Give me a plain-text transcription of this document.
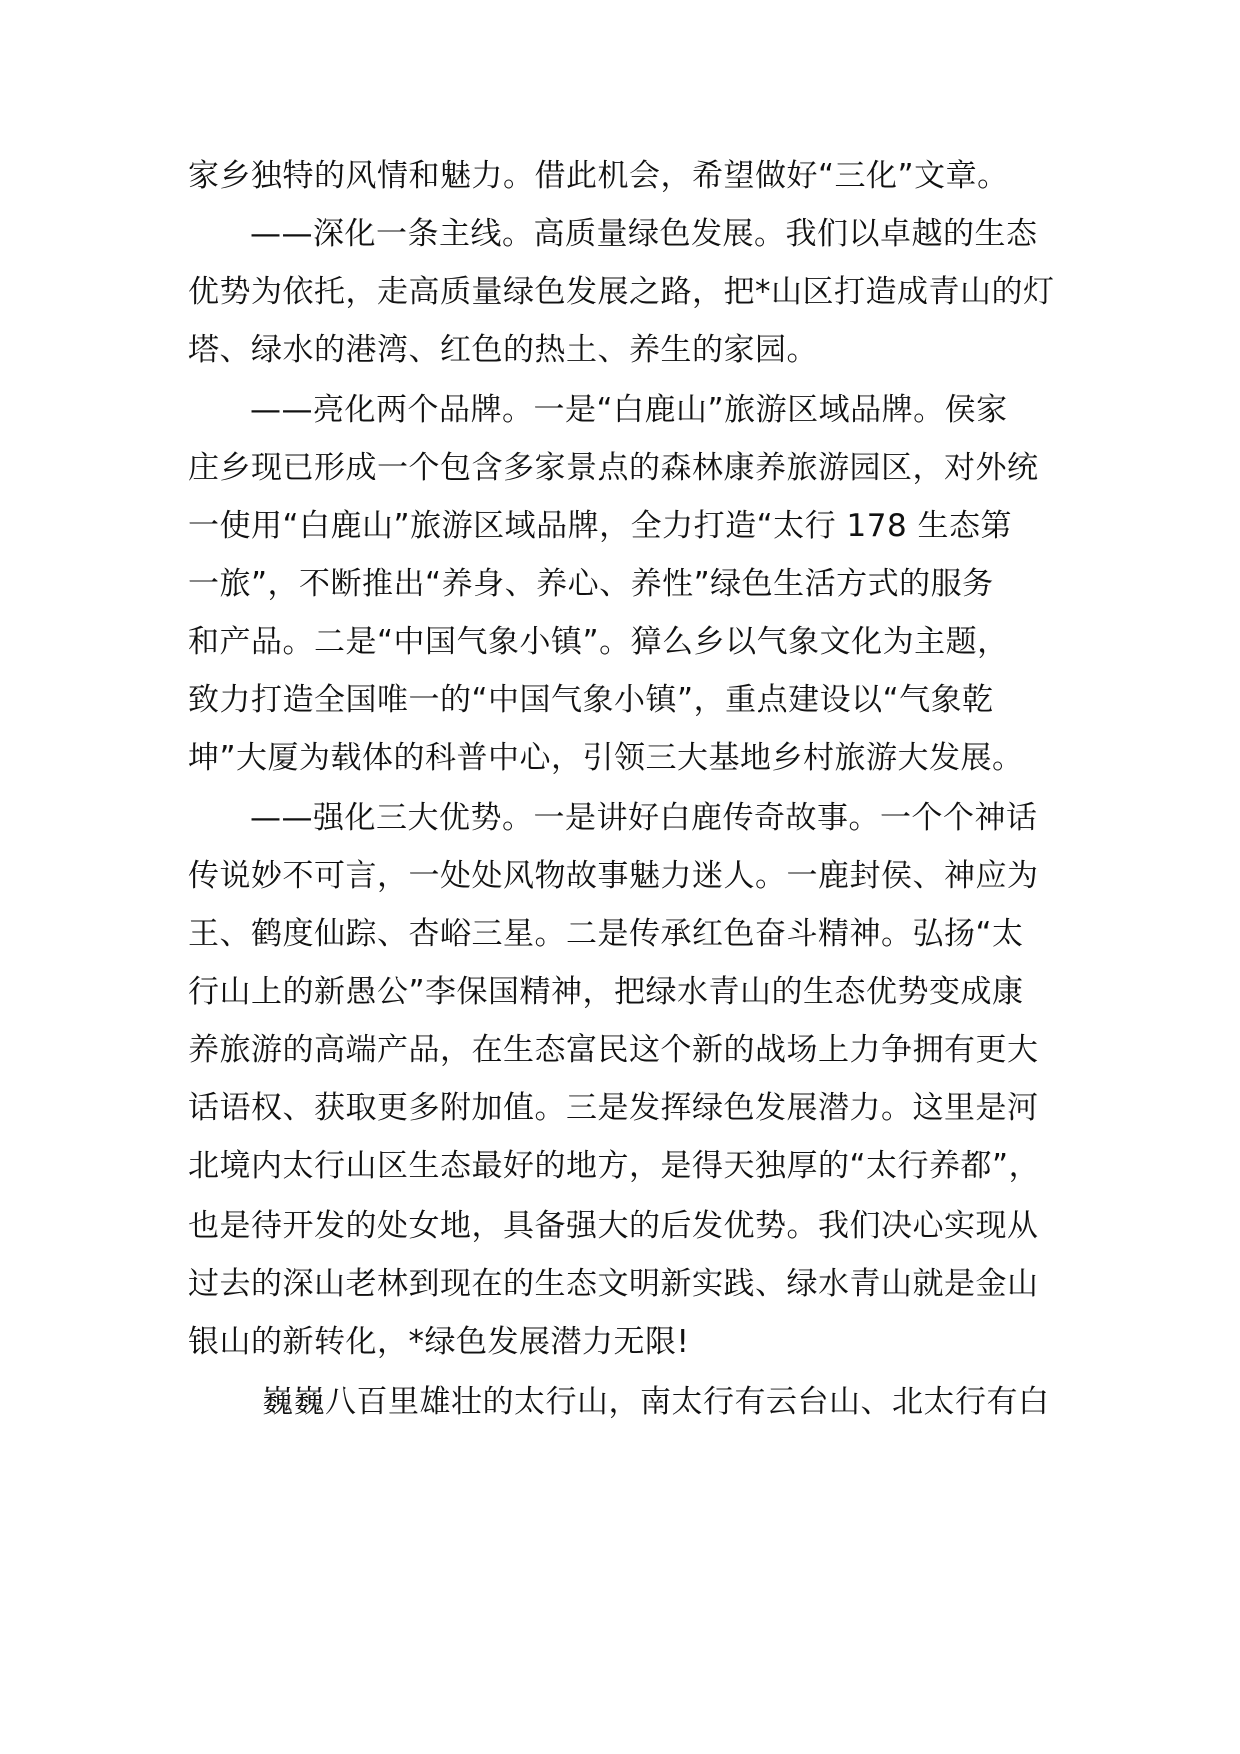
家乡独特的风情和魅力。借此机会，希望做好“三化”文章。
——深化一条主线。高质量绿色发展。我们以卓越的生态
优势为依托，走高质量绿色发展之路，把*山区打造成青山的灯
塔、绿水的港湾、红色的热土、养生的家园。
——亮化两个品牌。一是“白鹿山”旅游区域品牌。侯家
庄乡现已形成一个包含多家景点的森林康养旅游园区，对外统
一使用“白鹿山”旅游区域品牌，全力打造“太行 178 生态第
一旅”，不断推出“养身、养心、养性”绿色生活方式的服务
和产品。二是“中国气象小镇”。獐么乡以气象文化为主题，
致力打造全国唯一的“中国气象小镇”，重点建设以“气象乾
坤”大厦为载体的科普中心，引领三大基地乡村旅游大发展。
——强化三大优势。一是讲好白鹿传奇故事。一个个神话
传说妙不可言，一处处风物故事魅力迷人。一鹿封侯、神应为
王、鹤度仙踪、杏峪三星。二是传承红色奋斗精神。弘扬“太
行山上的新愚公”李保国精神，把绿水青山的生态优势变成康
养旅游的高端产品，在生态富民这个新的战场上力争拥有更大
话语权、获取更多附加值。三是发挥绿色发展潜力。这里是河
北境内太行山区生态最好的地方，是得天独厚的“太行养都”，
也是待开发的处女地，具备强大的后发优势。我们决心实现从
过去的深山老林到现在的生态文明新实践、绿水青山就是金山
银山的新转化，*绿色发展潜力无限!
巍巍八百里雄壮的太行山，南太行有云台山、北太行有白
